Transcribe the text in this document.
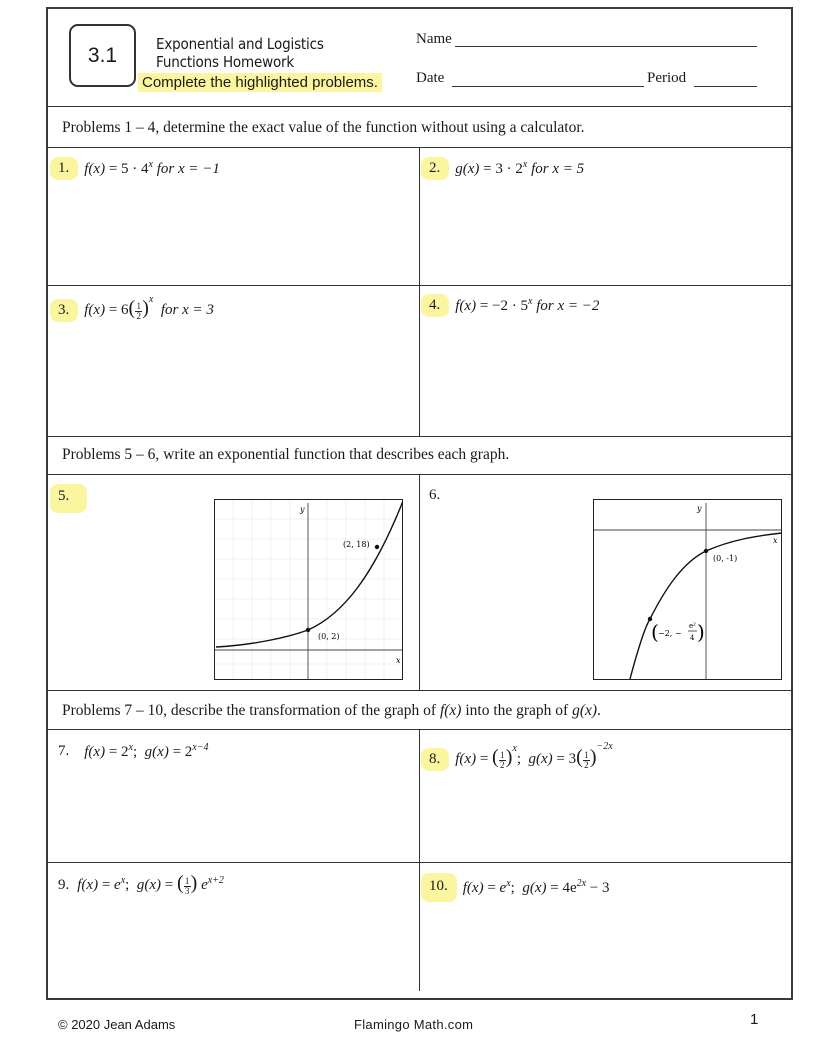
3.1	Exponential and Logistics
Functions Homework
Complete the highlighted problems.
Name
Date	Period
Problems 1 – 4, determine the exact value of the function without using a calculator.
Problems 5 – 6, write an exponential function that describes each graph.
Problems 7 – 10, describe the transformation of the graph of f(x) into the graph of g(x).
1.	$f(x) = 5 \cdot 4^x$ for x = −1	2.	$g(x) = 3 \cdot 2^x$ for x = 5
3.	$f(x) = 6( \frac{1}{2} )^x$  for x = 3	4.	$f(x) = -2 \cdot 5^x$ for x = −2
5.	6.
y
x
(2, 18)
(0, 2)
y
x
(0, -1)
( −2, −
e²
4 )
7.	$f(x) = 2^x$;  $g(x) = 2^{x-4}$
8.	f(x) = ( $\frac{1}{2} )^x$;  $g(x) = 3( \frac{1}{2} )^{-2x}$
9. $f(x) = e^x$;  g(x) = ( $\frac{1}{3}$ ) $e^{x+2}$	10.	$f(x) = e^x$;  $g(x) = 4e^{2x} - 3$
© 2020 Jean Adams	Flamingo Math.com	1
